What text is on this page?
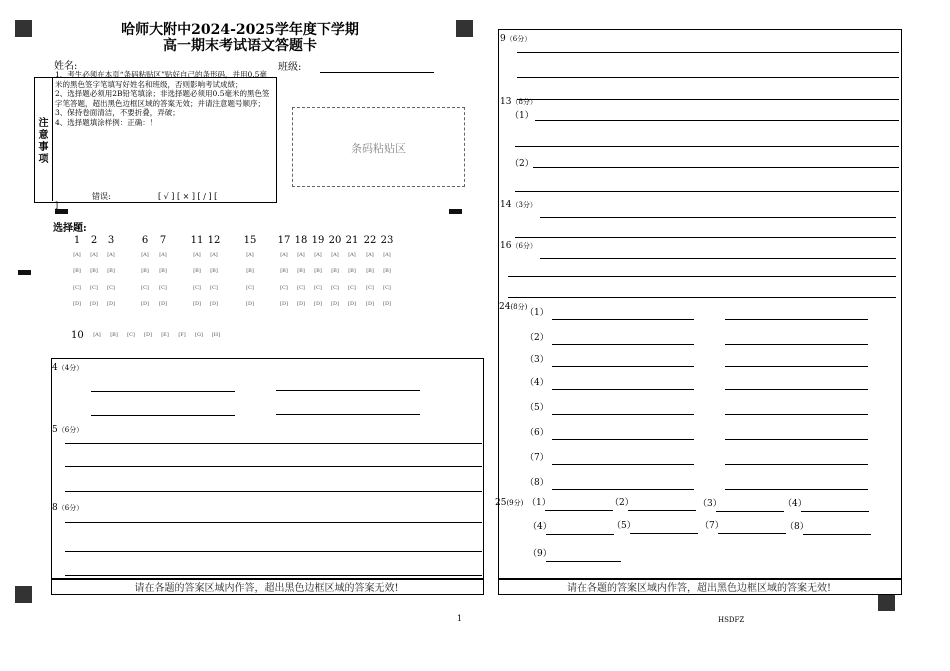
哈师大附中2024-2025学年度下学期
高一期末考试语文答题卡
姓名:	班级:
注
意
事
项
1、考生必须在本页“条码粘贴区”贴好自己的条形码，并用0.5毫米的黑色签字笔填写好姓名和班级，否则影响考试成绩；
2、选择题必须用2B铅笔填涂；非选择题必须用0.5毫米的黑色签字笔答题，超出黑色边框区域的答案无效；并请注意题号顺序；
3、保持卷面清洁，不要折叠，弄破；
4、选择题填涂样例：正确：！
错误:	[ √ ] [ × ] [ / ] [
]
条码粘贴区
选择题:
1
[A]
[B]
[C]
[D]
2
[A]
[B]
[C]
[D]
3
[A]
[B]
[C]
[D]
6
[A]
[B]
[C]
[D]
7
[A]
[B]
[C]
[D]
11
[A]
[B]
[C]
[D]
12
[A]
[B]
[C]
[D]
15
[A]
[B]
[C]
[D]
17
[A]
[B]
[C]
[D]
18
[A]
[B]
[C]
[D]
19
[A]
[B]
[C]
[D]
20
[A]
[B]
[C]
[D]
21
[A]
[B]
[C]
[D]
22
[A]
[B]
[C]
[D]
23
[A]
[B]
[C]
[D]
10	[A]	[B]	[C]	[D]	[E]	[F]	[G]	[H]
4（4分）
5（6分）
8（6分）
请在各题的答案区域内作答，超出黑色边框区域的答案无效!
9（6分）
13（8分）
（1）
（2）
14（3分）
16（6分）
24(8分)
（1）
（2）
（3）
（4）
（5）
（6）
（7）
（8）
25(9分) （1）	（2）	（3）	（4）
（4）	（5）	（7）	（8）
（9）
请在各题的答案区域内作答，超出黑色边框区域的答案无效!
1	HSDFZ
